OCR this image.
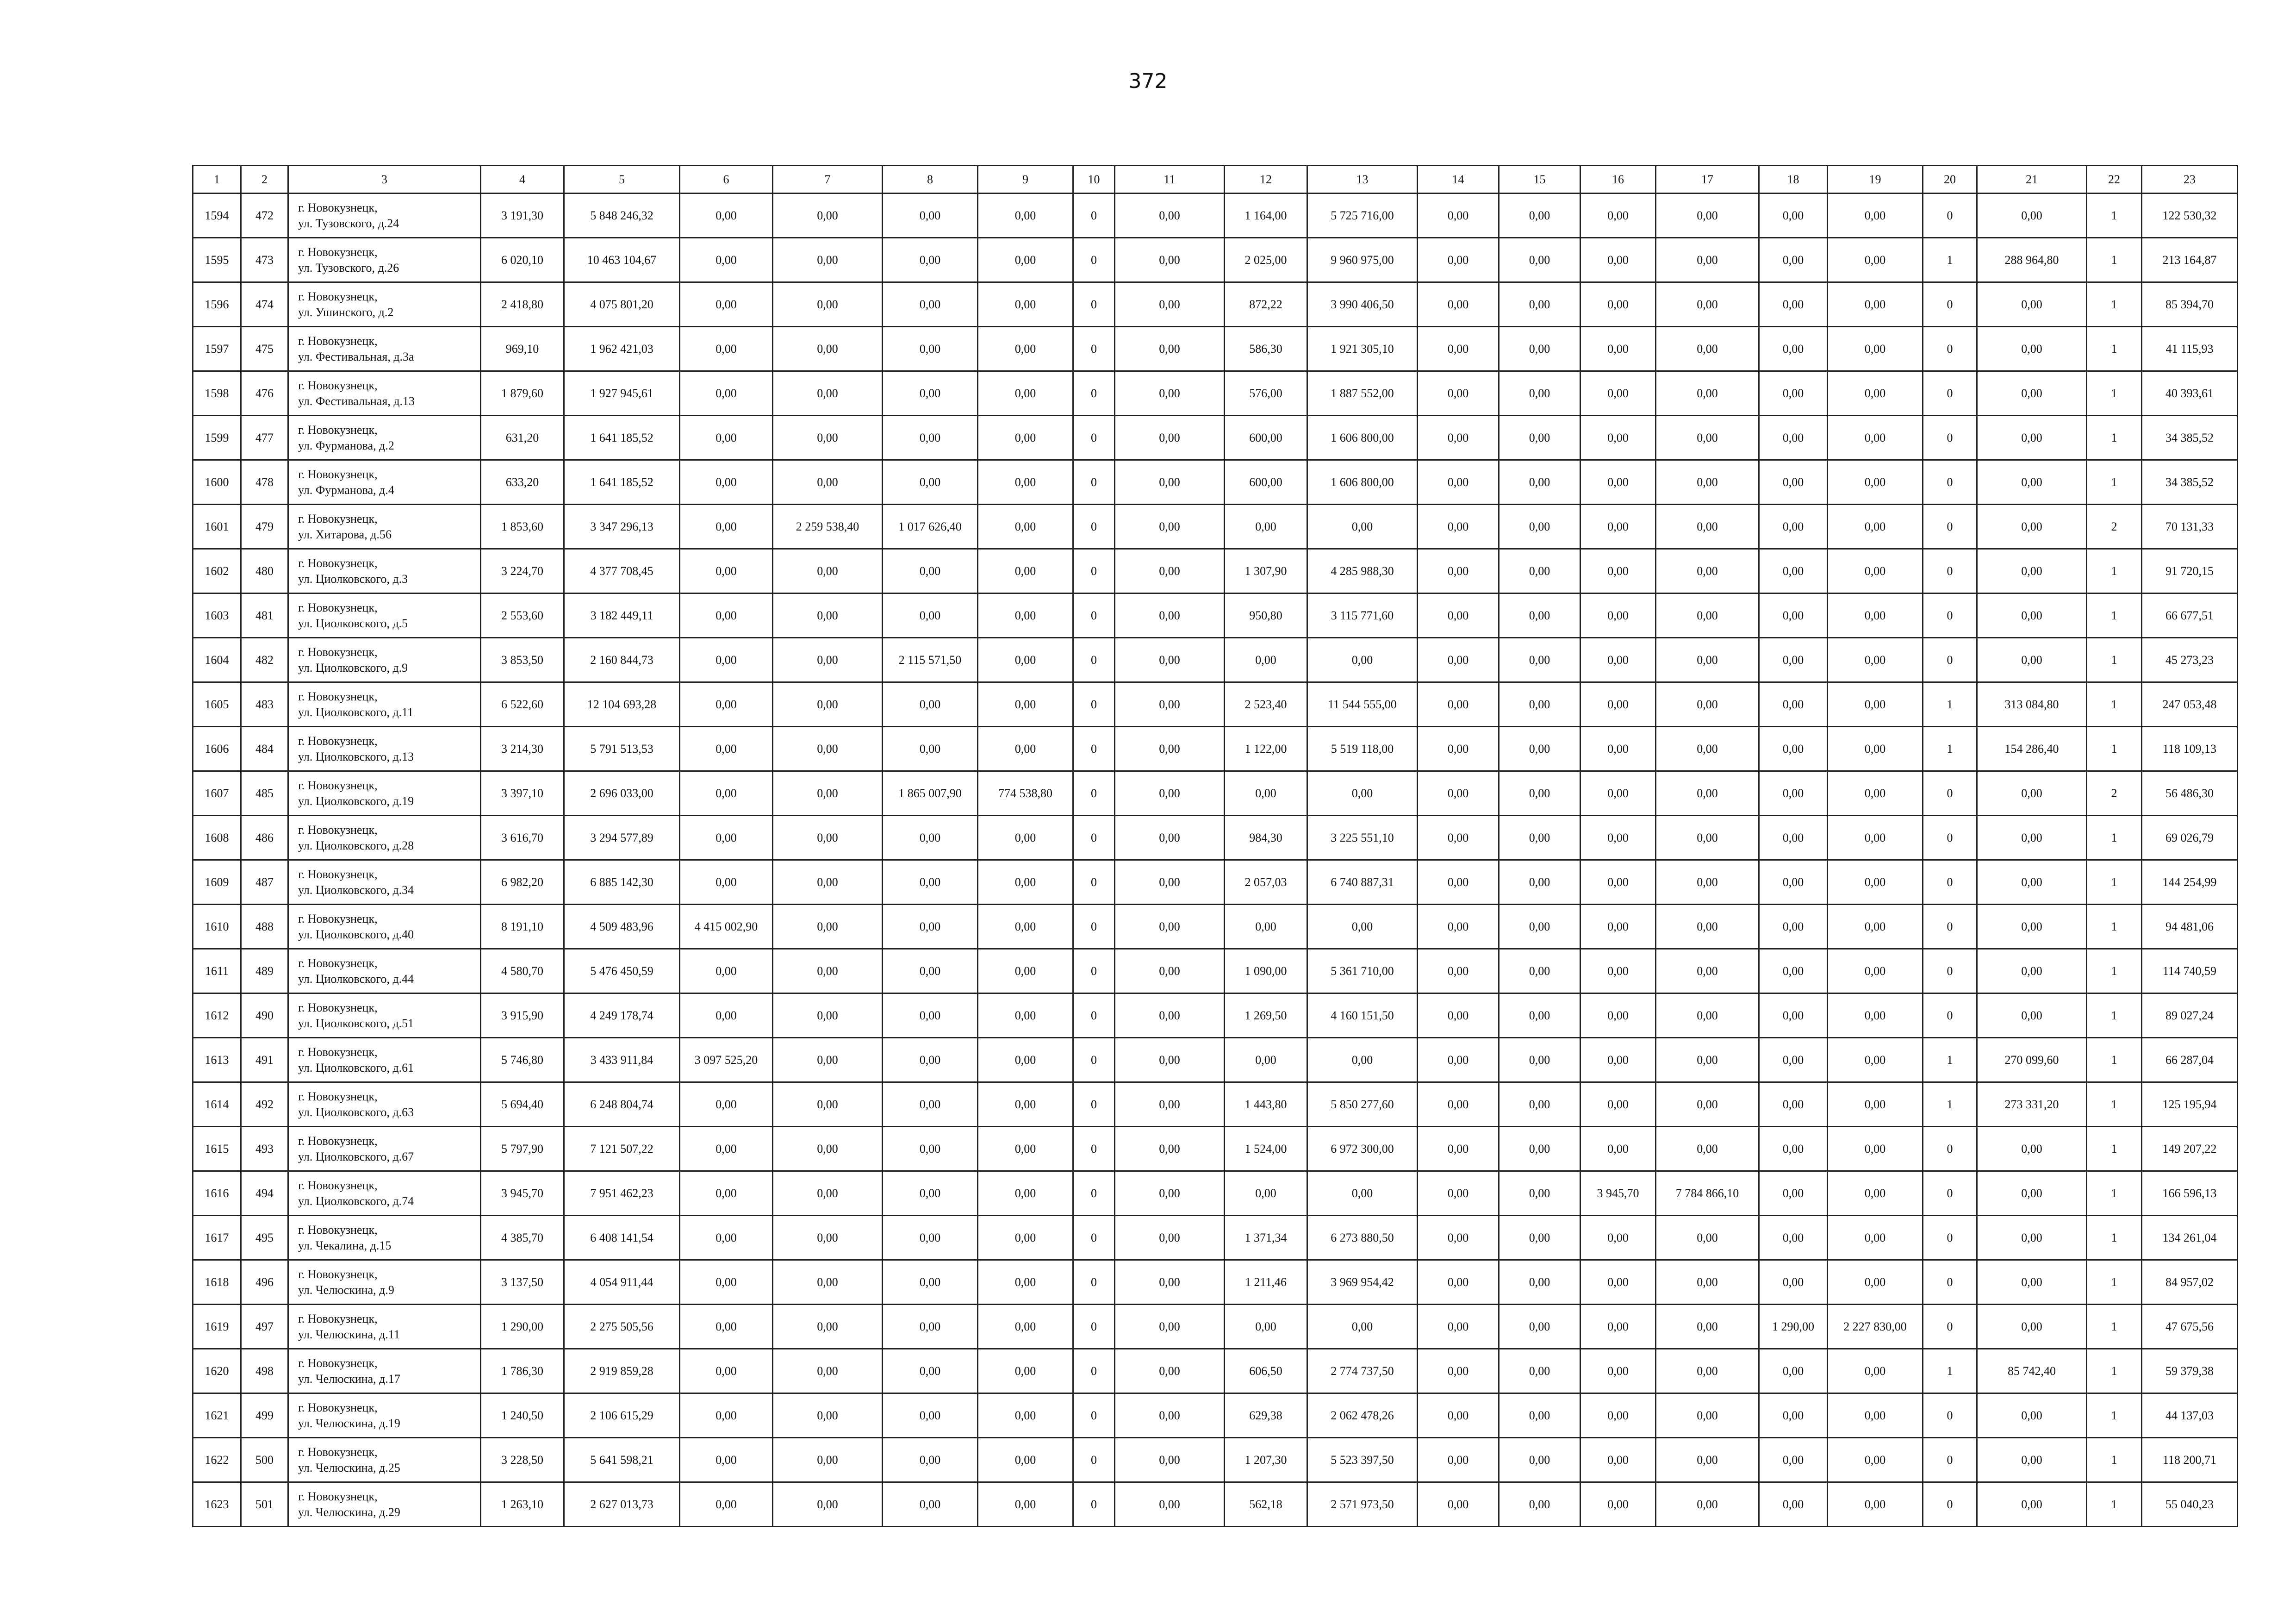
372
1	2	3	4	5	6	7	8	9	10	11	12	13	14	15	16	17	18	19	20	21	22	23
1594	472	г. Новокузнецк,
ул. Тузовского, д.24	3 191,30	5 848 246,32	0,00	0,00	0,00	0,00	0	0,00	1 164,00	5 725 716,00	0,00	0,00	0,00	0,00	0,00	0,00	0	0,00	1	122 530,32
1595	473	г. Новокузнецк,
ул. Тузовского, д.26	6 020,10	10 463 104,67	0,00	0,00	0,00	0,00	0	0,00	2 025,00	9 960 975,00	0,00	0,00	0,00	0,00	0,00	0,00	1	288 964,80	1	213 164,87
1596	474	г. Новокузнецк,
ул. Ушинского, д.2	2 418,80	4 075 801,20	0,00	0,00	0,00	0,00	0	0,00	872,22	3 990 406,50	0,00	0,00	0,00	0,00	0,00	0,00	0	0,00	1	85 394,70
1597	475	г. Новокузнецк,
ул. Фестивальная, д.3а	969,10	1 962 421,03	0,00	0,00	0,00	0,00	0	0,00	586,30	1 921 305,10	0,00	0,00	0,00	0,00	0,00	0,00	0	0,00	1	41 115,93
1598	476	г. Новокузнецк,
ул. Фестивальная, д.13	1 879,60	1 927 945,61	0,00	0,00	0,00	0,00	0	0,00	576,00	1 887 552,00	0,00	0,00	0,00	0,00	0,00	0,00	0	0,00	1	40 393,61
1599	477	г. Новокузнецк,
ул. Фурманова, д.2	631,20	1 641 185,52	0,00	0,00	0,00	0,00	0	0,00	600,00	1 606 800,00	0,00	0,00	0,00	0,00	0,00	0,00	0	0,00	1	34 385,52
1600	478	г. Новокузнецк,
ул. Фурманова, д.4	633,20	1 641 185,52	0,00	0,00	0,00	0,00	0	0,00	600,00	1 606 800,00	0,00	0,00	0,00	0,00	0,00	0,00	0	0,00	1	34 385,52
1601	479	г. Новокузнецк,
ул. Хитарова, д.56	1 853,60	3 347 296,13	0,00	2 259 538,40	1 017 626,40	0,00	0	0,00	0,00	0,00	0,00	0,00	0,00	0,00	0,00	0,00	0	0,00	2	70 131,33
1602	480	г. Новокузнецк,
ул. Циолковского, д.3	3 224,70	4 377 708,45	0,00	0,00	0,00	0,00	0	0,00	1 307,90	4 285 988,30	0,00	0,00	0,00	0,00	0,00	0,00	0	0,00	1	91 720,15
1603	481	г. Новокузнецк,
ул. Циолковского, д.5	2 553,60	3 182 449,11	0,00	0,00	0,00	0,00	0	0,00	950,80	3 115 771,60	0,00	0,00	0,00	0,00	0,00	0,00	0	0,00	1	66 677,51
1604	482	г. Новокузнецк,
ул. Циолковского, д.9	3 853,50	2 160 844,73	0,00	0,00	2 115 571,50	0,00	0	0,00	0,00	0,00	0,00	0,00	0,00	0,00	0,00	0,00	0	0,00	1	45 273,23
1605	483	г. Новокузнецк,
ул. Циолковского, д.11	6 522,60	12 104 693,28	0,00	0,00	0,00	0,00	0	0,00	2 523,40	11 544 555,00	0,00	0,00	0,00	0,00	0,00	0,00	1	313 084,80	1	247 053,48
1606	484	г. Новокузнецк,
ул. Циолковского, д.13	3 214,30	5 791 513,53	0,00	0,00	0,00	0,00	0	0,00	1 122,00	5 519 118,00	0,00	0,00	0,00	0,00	0,00	0,00	1	154 286,40	1	118 109,13
1607	485	г. Новокузнецк,
ул. Циолковского, д.19	3 397,10	2 696 033,00	0,00	0,00	1 865 007,90	774 538,80	0	0,00	0,00	0,00	0,00	0,00	0,00	0,00	0,00	0,00	0	0,00	2	56 486,30
1608	486	г. Новокузнецк,
ул. Циолковского, д.28	3 616,70	3 294 577,89	0,00	0,00	0,00	0,00	0	0,00	984,30	3 225 551,10	0,00	0,00	0,00	0,00	0,00	0,00	0	0,00	1	69 026,79
1609	487	г. Новокузнецк,
ул. Циолковского, д.34	6 982,20	6 885 142,30	0,00	0,00	0,00	0,00	0	0,00	2 057,03	6 740 887,31	0,00	0,00	0,00	0,00	0,00	0,00	0	0,00	1	144 254,99
1610	488	г. Новокузнецк,
ул. Циолковского, д.40	8 191,10	4 509 483,96	4 415 002,90	0,00	0,00	0,00	0	0,00	0,00	0,00	0,00	0,00	0,00	0,00	0,00	0,00	0	0,00	1	94 481,06
1611	489	г. Новокузнецк,
ул. Циолковского, д.44	4 580,70	5 476 450,59	0,00	0,00	0,00	0,00	0	0,00	1 090,00	5 361 710,00	0,00	0,00	0,00	0,00	0,00	0,00	0	0,00	1	114 740,59
1612	490	г. Новокузнецк,
ул. Циолковского, д.51	3 915,90	4 249 178,74	0,00	0,00	0,00	0,00	0	0,00	1 269,50	4 160 151,50	0,00	0,00	0,00	0,00	0,00	0,00	0	0,00	1	89 027,24
1613	491	г. Новокузнецк,
ул. Циолковского, д.61	5 746,80	3 433 911,84	3 097 525,20	0,00	0,00	0,00	0	0,00	0,00	0,00	0,00	0,00	0,00	0,00	0,00	0,00	1	270 099,60	1	66 287,04
1614	492	г. Новокузнецк,
ул. Циолковского, д.63	5 694,40	6 248 804,74	0,00	0,00	0,00	0,00	0	0,00	1 443,80	5 850 277,60	0,00	0,00	0,00	0,00	0,00	0,00	1	273 331,20	1	125 195,94
1615	493	г. Новокузнецк,
ул. Циолковского, д.67	5 797,90	7 121 507,22	0,00	0,00	0,00	0,00	0	0,00	1 524,00	6 972 300,00	0,00	0,00	0,00	0,00	0,00	0,00	0	0,00	1	149 207,22
1616	494	г. Новокузнецк,
ул. Циолковского, д.74	3 945,70	7 951 462,23	0,00	0,00	0,00	0,00	0	0,00	0,00	0,00	0,00	0,00	3 945,70	7 784 866,10	0,00	0,00	0	0,00	1	166 596,13
1617	495	г. Новокузнецк,
ул. Чекалина, д.15	4 385,70	6 408 141,54	0,00	0,00	0,00	0,00	0	0,00	1 371,34	6 273 880,50	0,00	0,00	0,00	0,00	0,00	0,00	0	0,00	1	134 261,04
1618	496	г. Новокузнецк,
ул. Челюскина, д.9	3 137,50	4 054 911,44	0,00	0,00	0,00	0,00	0	0,00	1 211,46	3 969 954,42	0,00	0,00	0,00	0,00	0,00	0,00	0	0,00	1	84 957,02
1619	497	г. Новокузнецк,
ул. Челюскина, д.11	1 290,00	2 275 505,56	0,00	0,00	0,00	0,00	0	0,00	0,00	0,00	0,00	0,00	0,00	0,00	1 290,00	2 227 830,00	0	0,00	1	47 675,56
1620	498	г. Новокузнецк,
ул. Челюскина, д.17	1 786,30	2 919 859,28	0,00	0,00	0,00	0,00	0	0,00	606,50	2 774 737,50	0,00	0,00	0,00	0,00	0,00	0,00	1	85 742,40	1	59 379,38
1621	499	г. Новокузнецк,
ул. Челюскина, д.19	1 240,50	2 106 615,29	0,00	0,00	0,00	0,00	0	0,00	629,38	2 062 478,26	0,00	0,00	0,00	0,00	0,00	0,00	0	0,00	1	44 137,03
1622	500	г. Новокузнецк,
ул. Челюскина, д.25	3 228,50	5 641 598,21	0,00	0,00	0,00	0,00	0	0,00	1 207,30	5 523 397,50	0,00	0,00	0,00	0,00	0,00	0,00	0	0,00	1	118 200,71
1623	501	г. Новокузнецк,
ул. Челюскина, д.29	1 263,10	2 627 013,73	0,00	0,00	0,00	0,00	0	0,00	562,18	2 571 973,50	0,00	0,00	0,00	0,00	0,00	0,00	0	0,00	1	55 040,23
